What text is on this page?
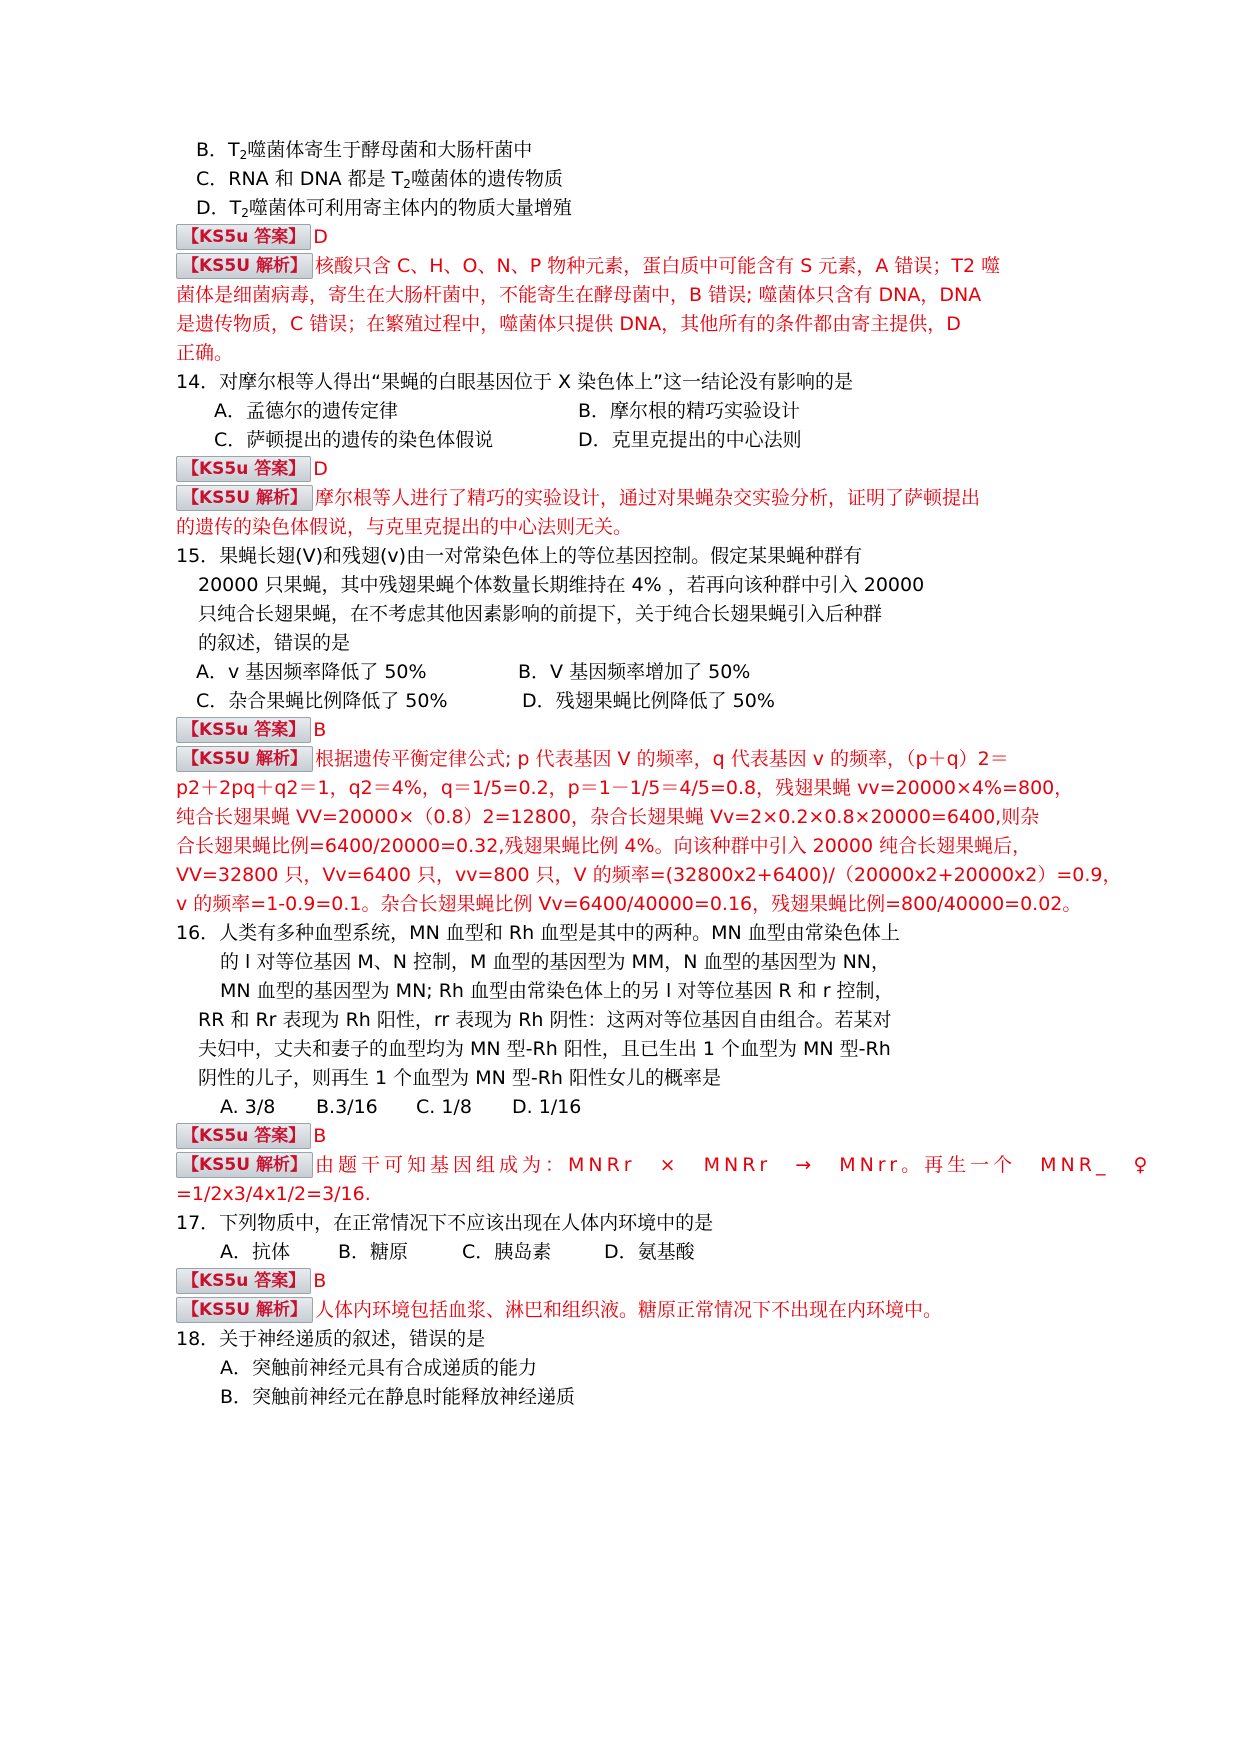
B．$T_2$噬菌体寄生于酵母菌和大肠杆菌中
C．RNA 和 DNA 都是 $T_2$噬菌体的遗传物质
D．$T_2$噬菌体可利用寄主体内的物质大量增殖
【KS5u 答案】 D
【KS5U 解析】 核酸只含 C、H、O、N、P 物种元素，蛋白质中可能含有 S 元素，A 错误；T2 噬
菌体是细菌病毒，寄生在大肠杆菌中，不能寄生在酵母菌中，B 错误; 噬菌体只含有 DNA，DNA
是遗传物质，C 错误；在繁殖过程中，噬菌体只提供 DNA，其他所有的条件都由寄主提供，D
正确。
14．对摩尔根等人得出“果蝇的白眼基因位于 X 染色体上”这一结论没有影响的是
A．孟德尔的遗传定律	B．摩尔根的精巧实验设计
C．萨顿提出的遗传的染色体假说	D．克里克提出的中心法则
【KS5u 答案】 D
【KS5U 解析】 摩尔根等人进行了精巧的实验设计，通过对果蝇杂交实验分析，证明了萨顿提出
的遗传的染色体假说，与克里克提出的中心法则无关。
15．果蝇长翅(V)和残翅(v)由一对常染色体上的等位基因控制。假定某果蝇种群有
20000 只果蝇，其中残翅果蝇个体数量长期维持在 4% ，若再向该种群中引入 20000
只纯合长翅果蝇，在不考虑其他因素影响的前提下，关于纯合长翅果蝇引入后种群
的叙述，错误的是
A．v 基因频率降低了 50%	B．V 基因频率增加了 50%
C．杂合果蝇比例降低了 50%	D．残翅果蝇比例降低了 50%
【KS5u 答案】 B
【KS5U 解析】 根据遗传平衡定律公式; p 代表基因 V 的频率，q 代表基因 v 的频率，（p＋q）2＝
p2＋2pq＋q2＝1，q2＝4%，q＝1/5=0.2，p＝1－1/5＝4/5=0.8，残翅果蝇 vv=20000×4%=800，
纯合长翅果蝇 VV=20000×（0.8）2=12800，杂合长翅果蝇 Vv=2×0.2×0.8×20000=6400,则杂
合长翅果蝇比例=6400/20000=0.32,残翅果蝇比例 4%。向该种群中引入 20000 纯合长翅果蝇后，
VV=32800 只，Vv=6400 只，vv=800 只，V 的频率=(32800x2+6400)/（20000x2+20000x2）=0.9，
v 的频率=1-0.9=0.1。杂合长翅果蝇比例 Vv=6400/40000=0.16，残翅果蝇比例=800/40000=0.02。
16．人类有多种血型系统，MN 血型和 Rh 血型是其中的两种。MN 血型由常染色体上
的 l 对等位基因 M、N 控制，M 血型的基因型为 MM，N 血型的基因型为 NN，
MN 血型的基因型为 MN; Rh 血型由常染色体上的另 l 对等位基因 R 和 r 控制，
RR 和 Rr 表现为 Rh 阳性，rr 表现为 Rh 阴性：这两对等位基因自由组合。若某对
夫妇中，丈夫和妻子的血型均为 MN 型-Rh 阳性，且已生出 1 个血型为 MN 型-Rh
阴性的儿子，则再生 1 个血型为 MN 型-Rh 阳性女儿的概率是
A. 3/8 B.3/16 C. 1/8 D. 1/16
【KS5u 答案】 B
【KS5U 解析】 由题干可知基因组成为：MNRr × MNRr → MNrr。再生一个 MNR_ ♀
=1/2x3/4x1/2=3/16.
17．下列物质中，在正常情况下不应该出现在人体内环境中的是
A．抗体	B．糖原	C．胰岛素	D．氨基酸
【KS5u 答案】 B
【KS5U 解析】 人体内环境包括血浆、淋巴和组织液。糖原正常情况下不出现在内环境中。
18．关于神经递质的叙述，错误的是
A．突触前神经元具有合成递质的能力
B．突触前神经元在静息时能释放神经递质
